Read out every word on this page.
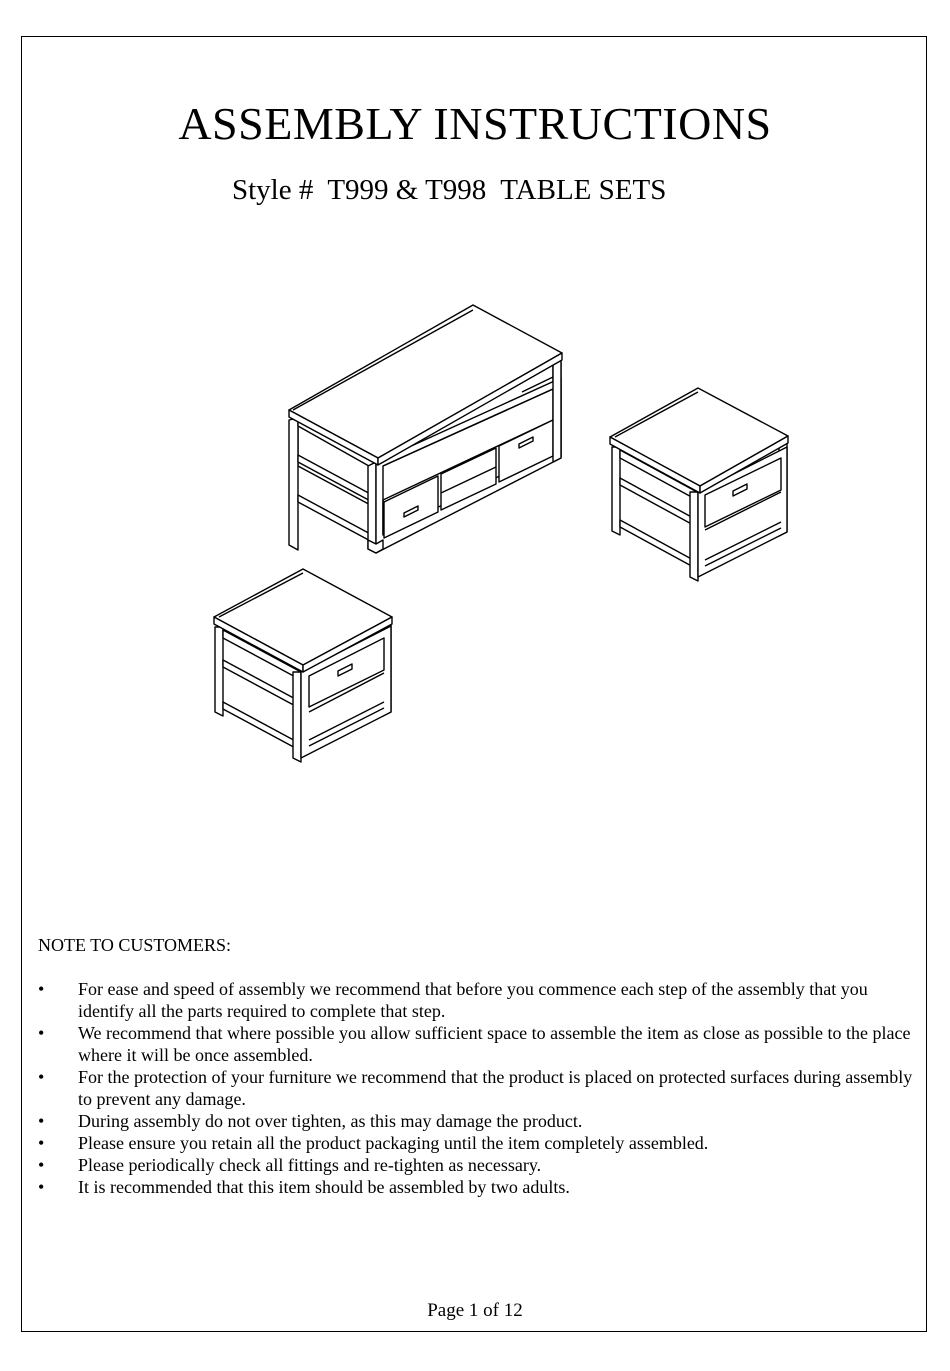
ASSEMBLY INSTRUCTIONS
Style #  T999 & T998  TABLE SETS
NOTE TO CUSTOMERS:
• For ease and speed of assembly we recommend that before you commence each step of the assembly that you identify all the parts required to complete that step.
• We recommend that where possible you allow sufficient space to assemble the item as close as possible to the place where it will be once assembled.
• For the protection of your furniture we recommend that the product is placed on protected surfaces during assembly to prevent any damage.
• During assembly do not over tighten, as this may damage the product.
• Please ensure you retain all the product packaging until the item completely assembled.
• Please periodically check all fittings and re-tighten as necessary.
• It is recommended that this item should be assembled by two adults.
Page 1 of 12
